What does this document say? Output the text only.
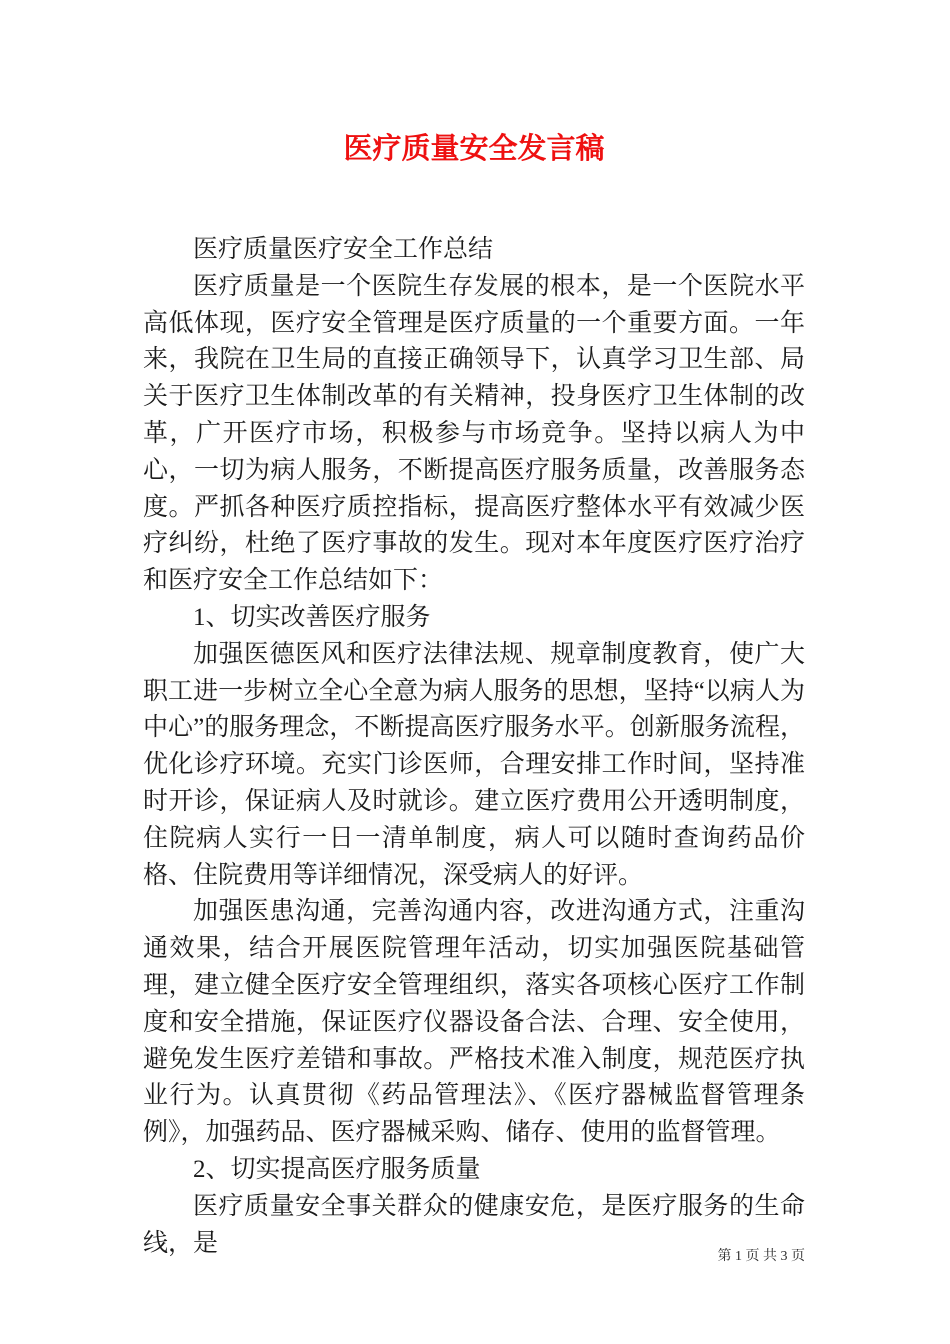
医疗质量安全发言稿

医疗质量医疗安全工作总结

医疗质量是一个医院生存发展的根本，是一个医院水平高低体现，医疗安全管理是医疗质量的一个重要方面。一年来，我院在卫生局的直接正确领导下，认真学习卫生部、局关于医疗卫生体制改革的有关精神，投身医疗卫生体制的改革，广开医疗市场，积极参与市场竞争。坚持以病人为中心，一切为病人服务，不断提高医疗服务质量，改善服务态度。严抓各种医疗质控指标，提高医疗整体水平有效减少医疗纠纷，杜绝了医疗事故的发生。现对本年度医疗医疗治疗和医疗安全工作总结如下：

1、切实改善医疗服务

加强医德医风和医疗法律法规、规章制度教育，使广大职工进一步树立全心全意为病人服务的思想，坚持“以病人为中心”的服务理念，不断提高医疗服务水平。创新服务流程，优化诊疗环境。充实门诊医师，合理安排工作时间，坚持准时开诊，保证病人及时就诊。建立医疗费用公开透明制度，住院病人实行一日一清单制度，病人可以随时查询药品价格、住院费用等详细情况，深受病人的好评。

加强医患沟通，完善沟通内容，改进沟通方式，注重沟通效果，结合开展医院管理年活动，切实加强医院基础管理，建立健全医疗安全管理组织，落实各项核心医疗工作制度和安全措施，保证医疗仪器设备合法、合理、安全使用，避免发生医疗差错和事故。严格技术准入制度，规范医疗执业行为。认真贯彻《药品管理法》、《医疗器械监督管理条例》，加强药品、医疗器械采购、储存、使用的监督管理。

2、切实提高医疗服务质量

医疗质量安全事关群众的健康安危，是医疗服务的生命线，是	第 1 页 共 3 页
